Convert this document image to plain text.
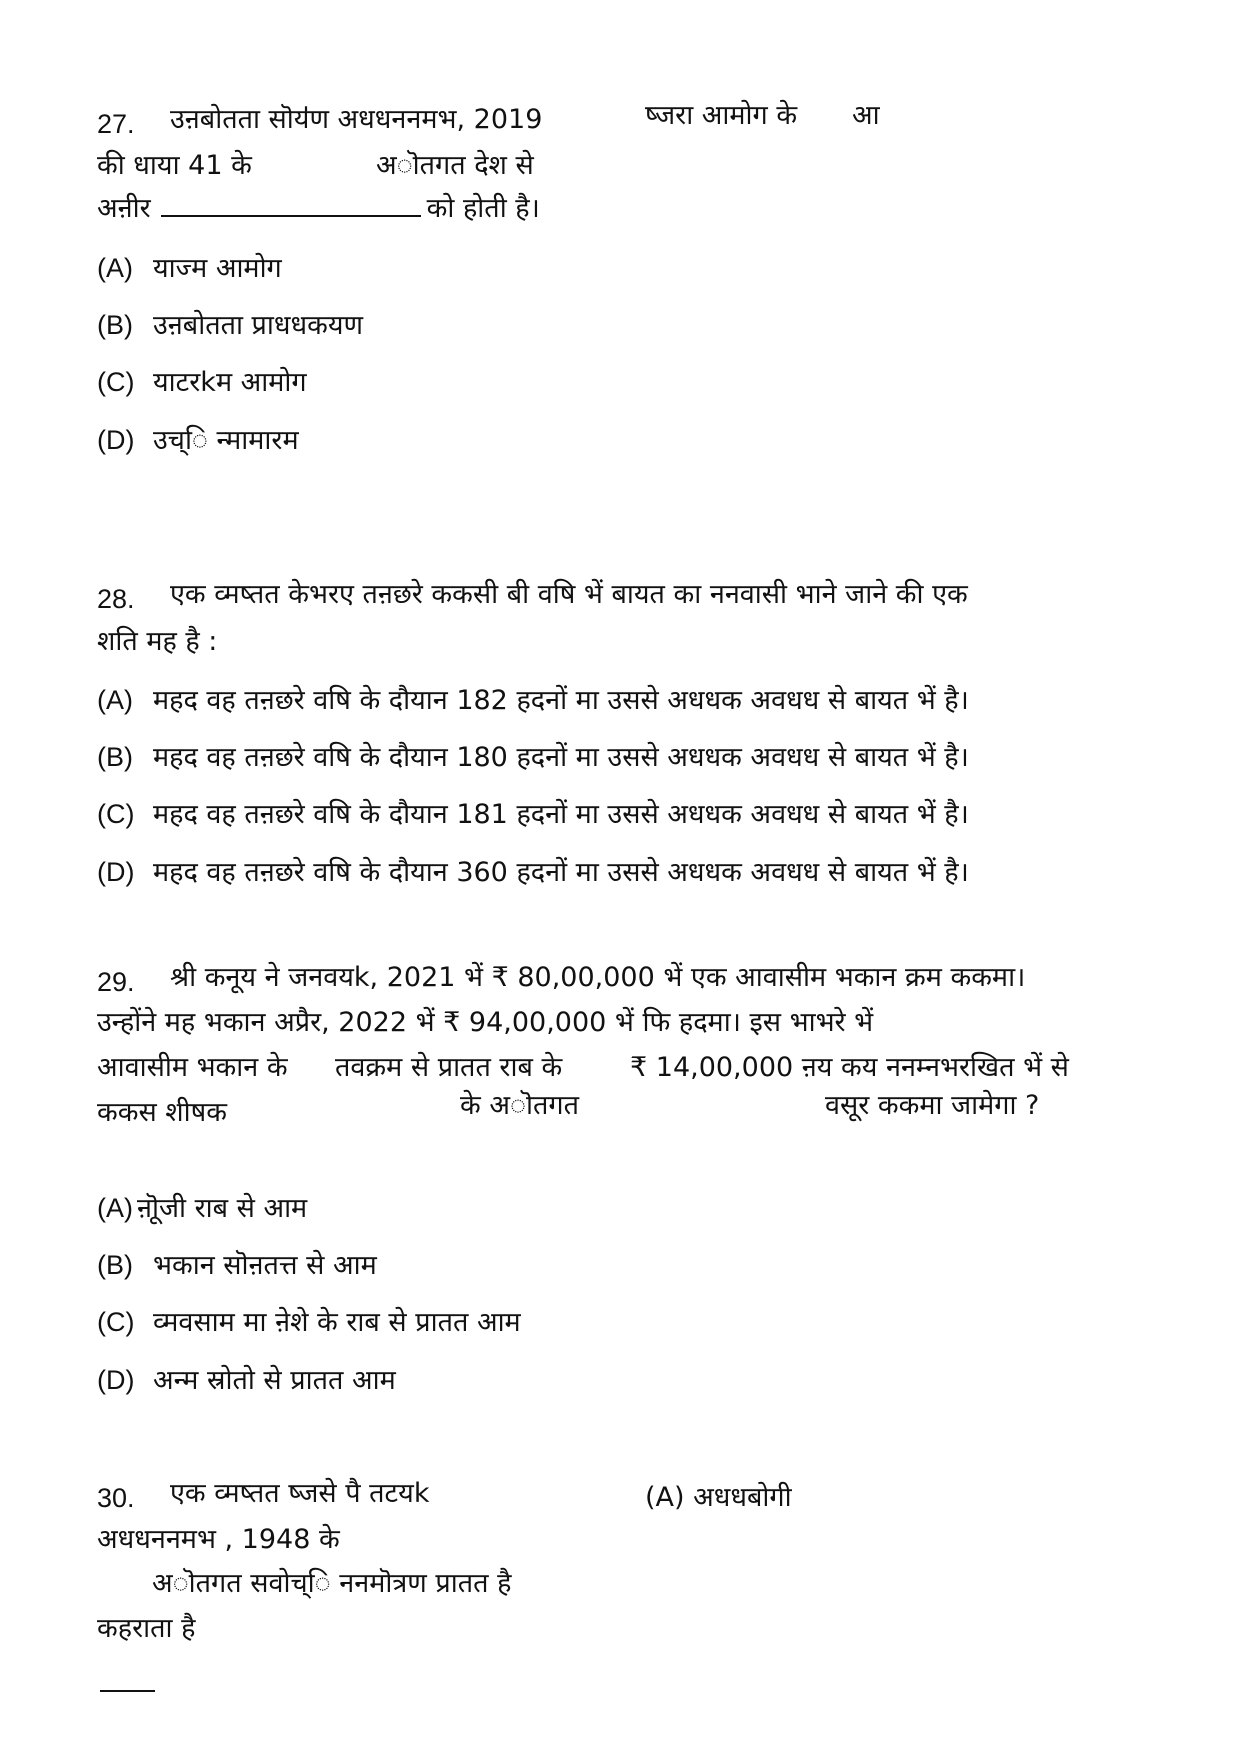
27. उऩबोतता सॊयऺण अधधननमभ, 2019	ष्जरा आमोग के आ
की धाया 41 के	अॊतगत देश से
अऩीर	को होती है।
(A) याज्म आमोग
(B) उऩबोतता प्राधधकयण
(C) याटरkम आमोग
(D) उच्ि न्मामारम
28. एक व्मष्तत केभरए तऩछरे ककसी बी वषि भें बायत का ननवासी भाने जाने की एक
शति मह है :
(A) महद वह तऩछरे वषि के दौयान 182 हदनों मा उससे अधधक अवधध से बायत भें है।
(B) महद वह तऩछरे वषि के दौयान 180 हदनों मा उससे अधधक अवधध से बायत भें है।
(C) महद वह तऩछरे वषि के दौयान 181 हदनों मा उससे अधधक अवधध से बायत भें है।
(D) महद वह तऩछरे वषि के दौयान 360 हदनों मा उससे अधधक अवधध से बायत भें है।
29. श्री कनूय ने जनवयk, 2021 भें ₹ 80,00,000 भें एक आवासीम भकान क्रम ककमा।
उन्होंने मह भकान अप्रैर, 2022 भें ₹ 94,00,000 भें फि हदमा। इस भाभरे भें
आवासीम भकान के तवक्रम से प्रातत राब के	₹ 14,00,000 ऩय कय ननम्नभरखित भें से
ककस शीषक	के अॊतगत	वसूर ककमा जामेगा ?
(A) ऩॊूजी राब से आम
(B) भकान सॊऩतत्त से आम
(C) व्मवसाम मा ऩेशे के राब से प्रातत आम
(D) अन्म स्रोतो से प्रातत आम
30. एक व्मष्तत ष्जसे पै तटयk	(A) अधधबोगी
अधधननमभ , 1948 के
अॊतगत सवोच्ि ननमॊत्रण प्रातत है
कहराता है
